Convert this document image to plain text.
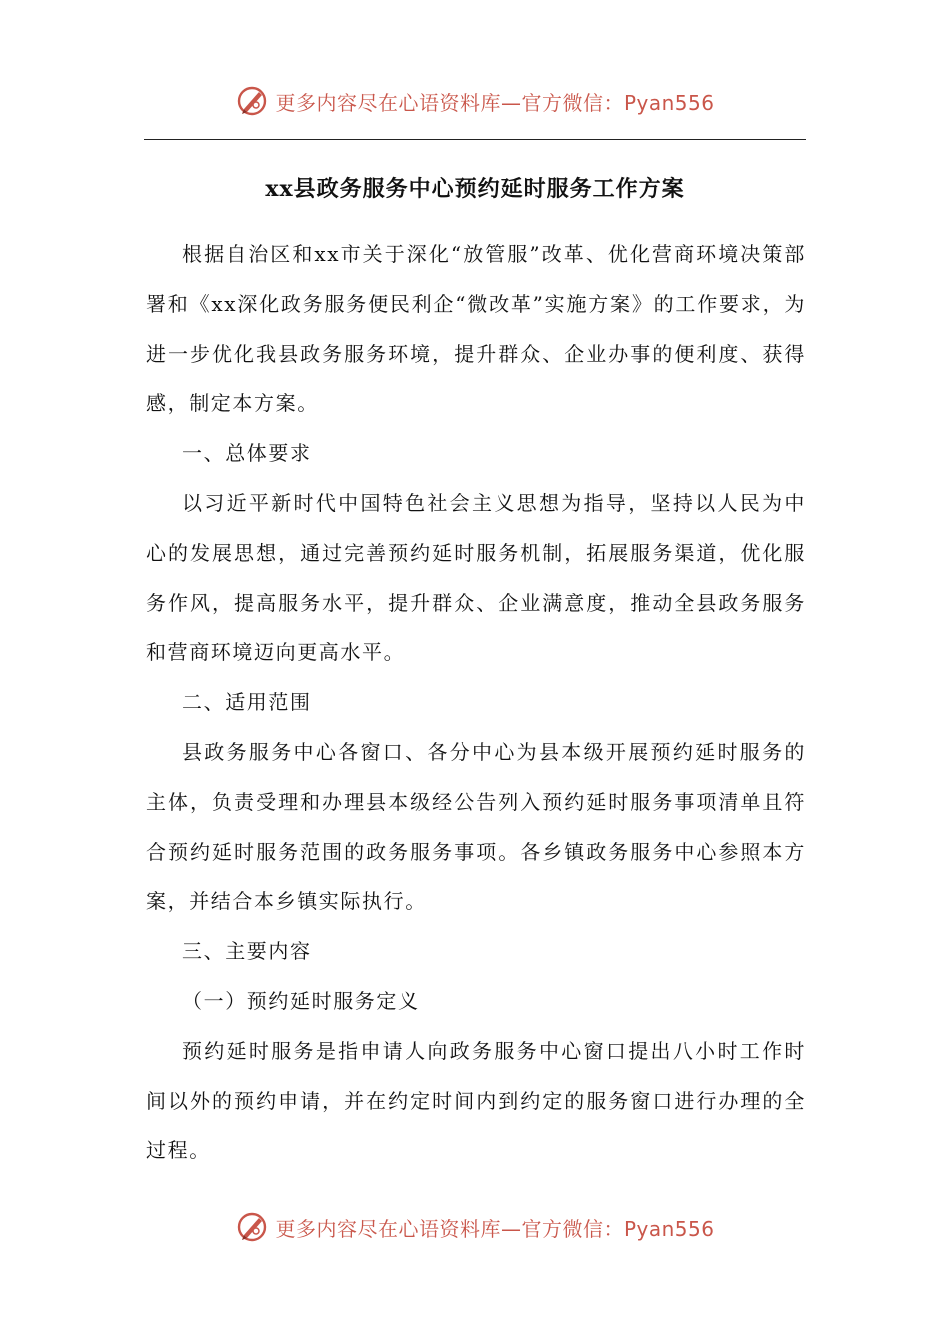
更多内容尽在心语资料库—官方微信：Pyan556
xx县政务服务中心预约延时服务工作方案

根据自治区和xx市关于深化“放管服”改革、优化营商环境决策部署和《xx深化政务服务便民利企“微改革”实施方案》的工作要求，为进一步优化我县政务服务环境，提升群众、企业办事的便利度、获得感，制定本方案。

一、总体要求

以习近平新时代中国特色社会主义思想为指导，坚持以人民为中心的发展思想，通过完善预约延时服务机制，拓展服务渠道，优化服务作风，提高服务水平，提升群众、企业满意度，推动全县政务服务和营商环境迈向更高水平。

二、适用范围

县政务服务中心各窗口、各分中心为县本级开展预约延时服务的主体，负责受理和办理县本级经公告列入预约延时服务事项清单且符合预约延时服务范围的政务服务事项。各乡镇政务服务中心参照本方案，并结合本乡镇实际执行。

三、主要内容

（一）预约延时服务定义

预约延时服务是指申请人向政务服务中心窗口提出八小时工作时间以外的预约申请，并在约定时间内到约定的服务窗口进行办理的全过程。

更多内容尽在心语资料库—官方微信：Pyan556
